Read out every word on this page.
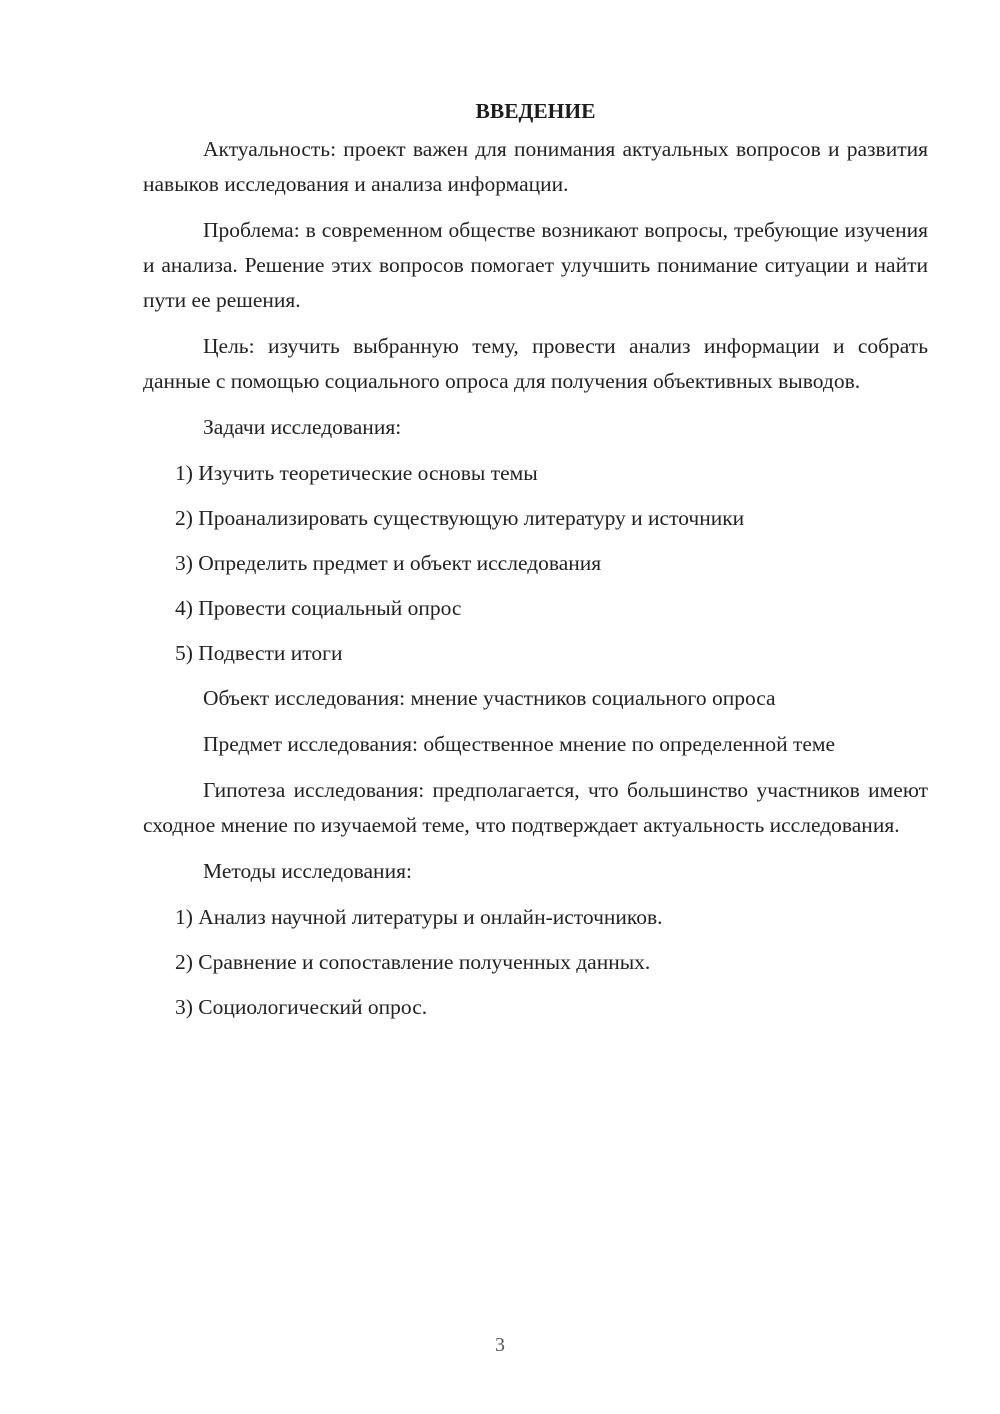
ВВЕДЕНИЕ
Актуальность: проект важен для понимания актуальных вопросов и развития навыков исследования и анализа информации.
Проблема: в современном обществе возникают вопросы, требующие изучения и анализа. Решение этих вопросов помогает улучшить понимание ситуации и найти пути ее решения.
Цель: изучить выбранную тему, провести анализ информации и собрать данные с помощью социального опроса для получения объективных выводов.
Задачи исследования:
1) Изучить теоретические основы темы
2) Проанализировать существующую литературу и источники
3) Определить предмет и объект исследования
4) Провести социальный опрос
5) Подвести итоги
Объект исследования: мнение участников социального опроса
Предмет исследования: общественное мнение по определенной теме
Гипотеза исследования: предполагается, что большинство участников имеют сходное мнение по изучаемой теме, что подтверждает актуальность исследования.
Методы исследования:
1) Анализ научной литературы и онлайн-источников.
2) Сравнение и сопоставление полученных данных.
3) Социологический опрос.
3
